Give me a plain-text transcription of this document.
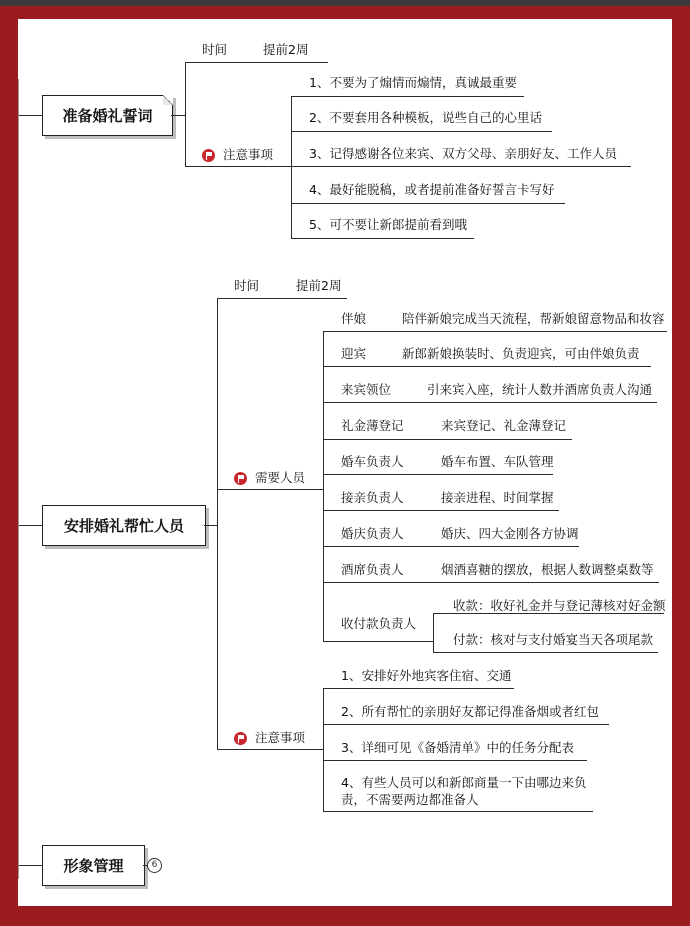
准备婚礼誓词
时间	提前2周
注意事项
1、不要为了煽情而煽情，真诚最重要
2、不要套用各种模板，说些自己的心里话
3、记得感谢各位来宾、双方父母、亲朋好友、工作人员
4、最好能脱稿，或者提前准备好誓言卡写好
5、可不要让新郎提前看到哦
安排婚礼帮忙人员
时间	提前2周
需要人员
伴娘	陪伴新娘完成当天流程，帮新娘留意物品和妆容
迎宾	新郎新娘换装时、负责迎宾，可由伴娘负责
来宾领位	引来宾入座，统计人数并酒席负责人沟通
礼金薄登记	来宾登记、礼金薄登记
婚车负责人	婚车布置、车队管理
接亲负责人	接亲进程、时间掌握
婚庆负责人	婚庆、四大金刚各方协调
酒席负责人	烟酒喜糖的摆放，根据人数调整桌数等
收付款负责人
收款：收好礼金并与登记薄核对好金额
付款：核对与支付婚宴当天各项尾款
注意事项
1、安排好外地宾客住宿、交通
2、所有帮忙的亲朋好友都记得准备烟或者红包
3、详细可见《备婚清单》中的任务分配表
4、有些人员可以和新郎商量一下由哪边来负
责，不需要两边都准备人
形象管理	6
